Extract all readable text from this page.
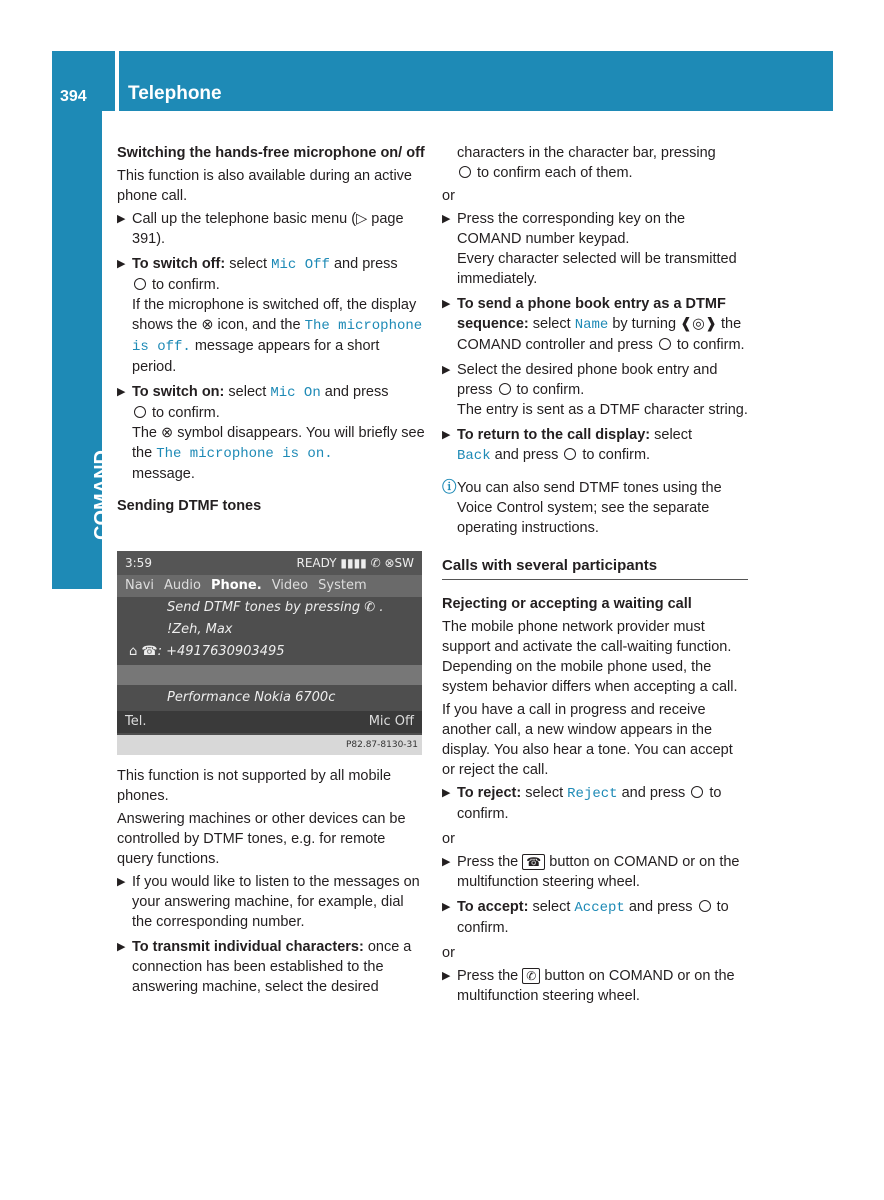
394 Telephone
COMAND

Switching the hands-free microphone on/ off

This function is also available during an active phone call.

▶ Call up the telephone basic menu (▷ page 391).
▶ To switch off: select Mic Off and press
to confirm.
If the microphone is switched off, the display shows the ⊗ icon, and the The microphone is off. message appears for a short period.
▶ To switch on: select Mic On and press
to confirm.
The ⊗ symbol disappears. You will briefly see the The microphone is on.
message.

Sending DTMF tones

3:59	READY ▮▮▮▮ ✆ ⊗SW
Navi Audio Phone. Video System
Send DTMF tones by pressing ✆ .
!Zeh, Max
⌂ ☎: +4917630903495
Performance Nokia 6700c
Tel.	Mic Off
P82.87-8130-31

This function is not supported by all mobile phones.

Answering machines or other devices can be controlled by DTMF tones, e.g. for remote query functions.

▶ If you would like to listen to the messages on your answering machine, for example, dial the corresponding number.
▶ To transmit individual characters: once a connection has been established to the answering machine, select the desired

characters in the character bar, pressing
to confirm each of them.

or

▶ Press the corresponding key on the COMAND number keypad.
Every character selected will be transmitted immediately.
▶ To send a phone book entry as a DTMF sequence: select Name by turning ❰◎❱ the COMAND controller and press to confirm.
▶ Select the desired phone book entry and press to confirm.
The entry is sent as a DTMF character string.
▶ To return to the call display: select
Back and press to confirm.
ⓘ You can also send DTMF tones using the Voice Control system; see the separate operating instructions.
Calls with several participants

Rejecting or accepting a waiting call

The mobile phone network provider must support and activate the call-waiting function. Depending on the mobile phone used, the system behavior differs when accepting a call.

If you have a call in progress and receive another call, a new window appears in the display. You also hear a tone. You can accept or reject the call.

▶ To reject: select Reject and press to confirm.

or

▶ Press the ☎ button on COMAND or on the multifunction steering wheel.
▶ To accept: select Accept and press to confirm.

or

▶ Press the ✆ button on COMAND or on the multifunction steering wheel.
